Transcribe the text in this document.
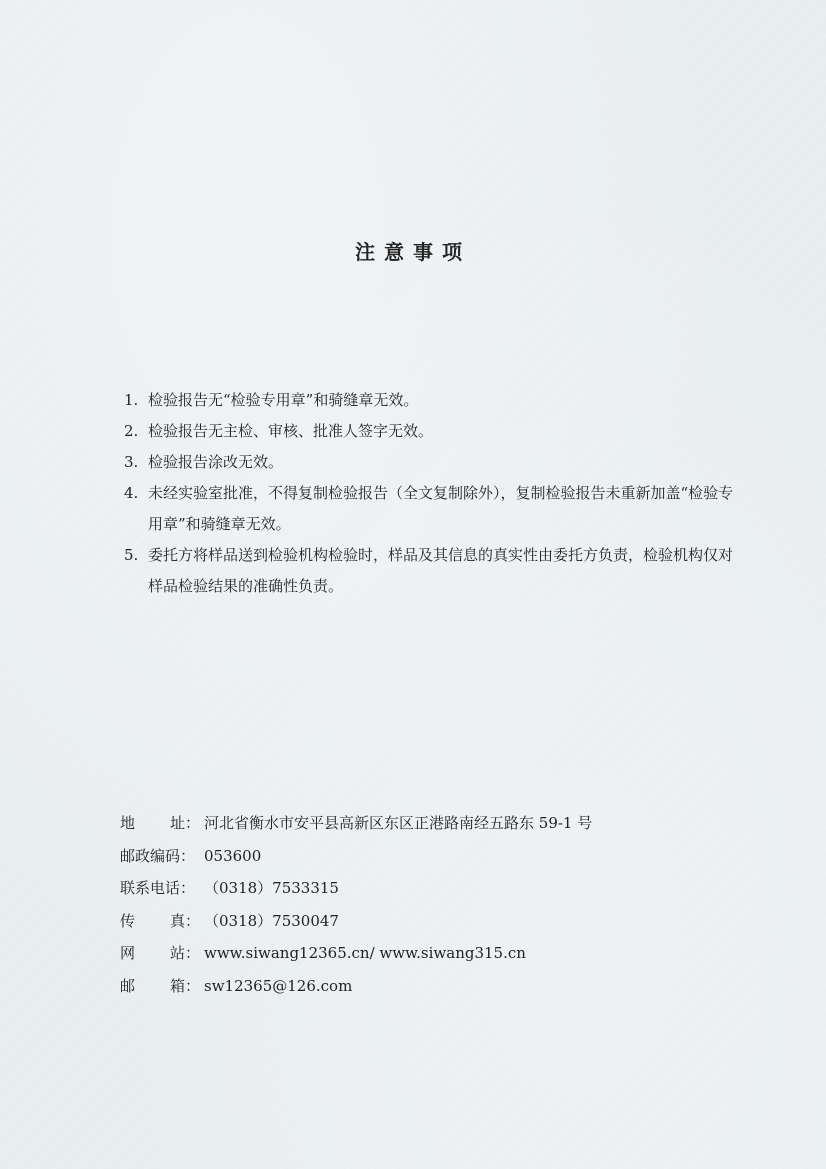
注意事项
1. 检验报告无“检验专用章”和骑缝章无效。
2. 检验报告无主检、审核、批准人签字无效。
3. 检验报告涂改无效。
4. 未经实验室批准，不得复制检验报告（全文复制除外），复制检验报告未重新加盖“检验专用章”和骑缝章无效。
5. 委托方将样品送到检验机构检验时，样品及其信息的真实性由委托方负责，检验机构仅对样品检验结果的准确性负责。
地 址： 河北省衡水市安平县高新区东区正港路南经五路东 59-1 号
邮政编码： 053600
联系电话： （0318）7533315
传 真： （0318）7530047
网 站： www.siwang12365.cn/ www.siwang315.cn
邮 箱： sw12365@126.com
